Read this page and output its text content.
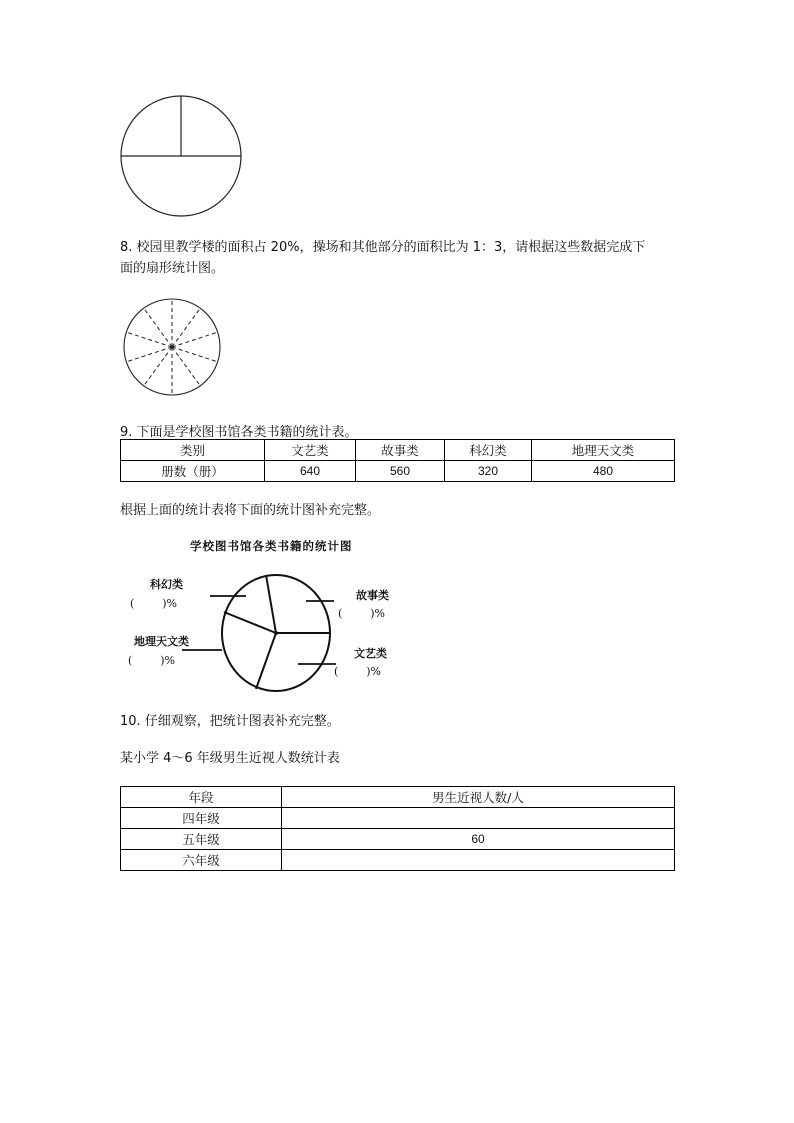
8. 校园里教学楼的面积占 20%，操场和其他部分的面积比为 1：3，请根据这些数据完成下
面的扇形统计图。
9. 下面是学校图书馆各类书籍的统计表。
类别	文艺类	故事类	科幻类	地理天文类
册数（册）	640	560	320	480
根据上面的统计表将下面的统计图补充完整。
学校图书馆各类书籍的统计图
科幻类
(        )%
故事类
(        )%
地理天文类
(        )%
文艺类
(        )%
10. 仔细观察，把统计图表补充完整。
某小学 4～6 年级男生近视人数统计表
年段	男生近视人数/人
四年级	
五年级	60
六年级	
